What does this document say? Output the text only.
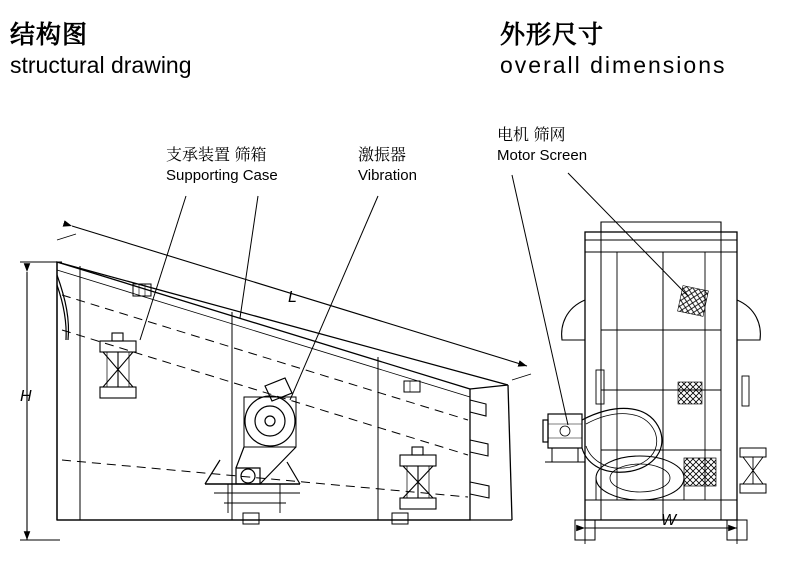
结构图
structural drawing
外形尺寸
overall dimensions
支承装置 筛箱
Supporting Case
激振器
Vibration
电机 筛网
Motor Screen
L
H
W
